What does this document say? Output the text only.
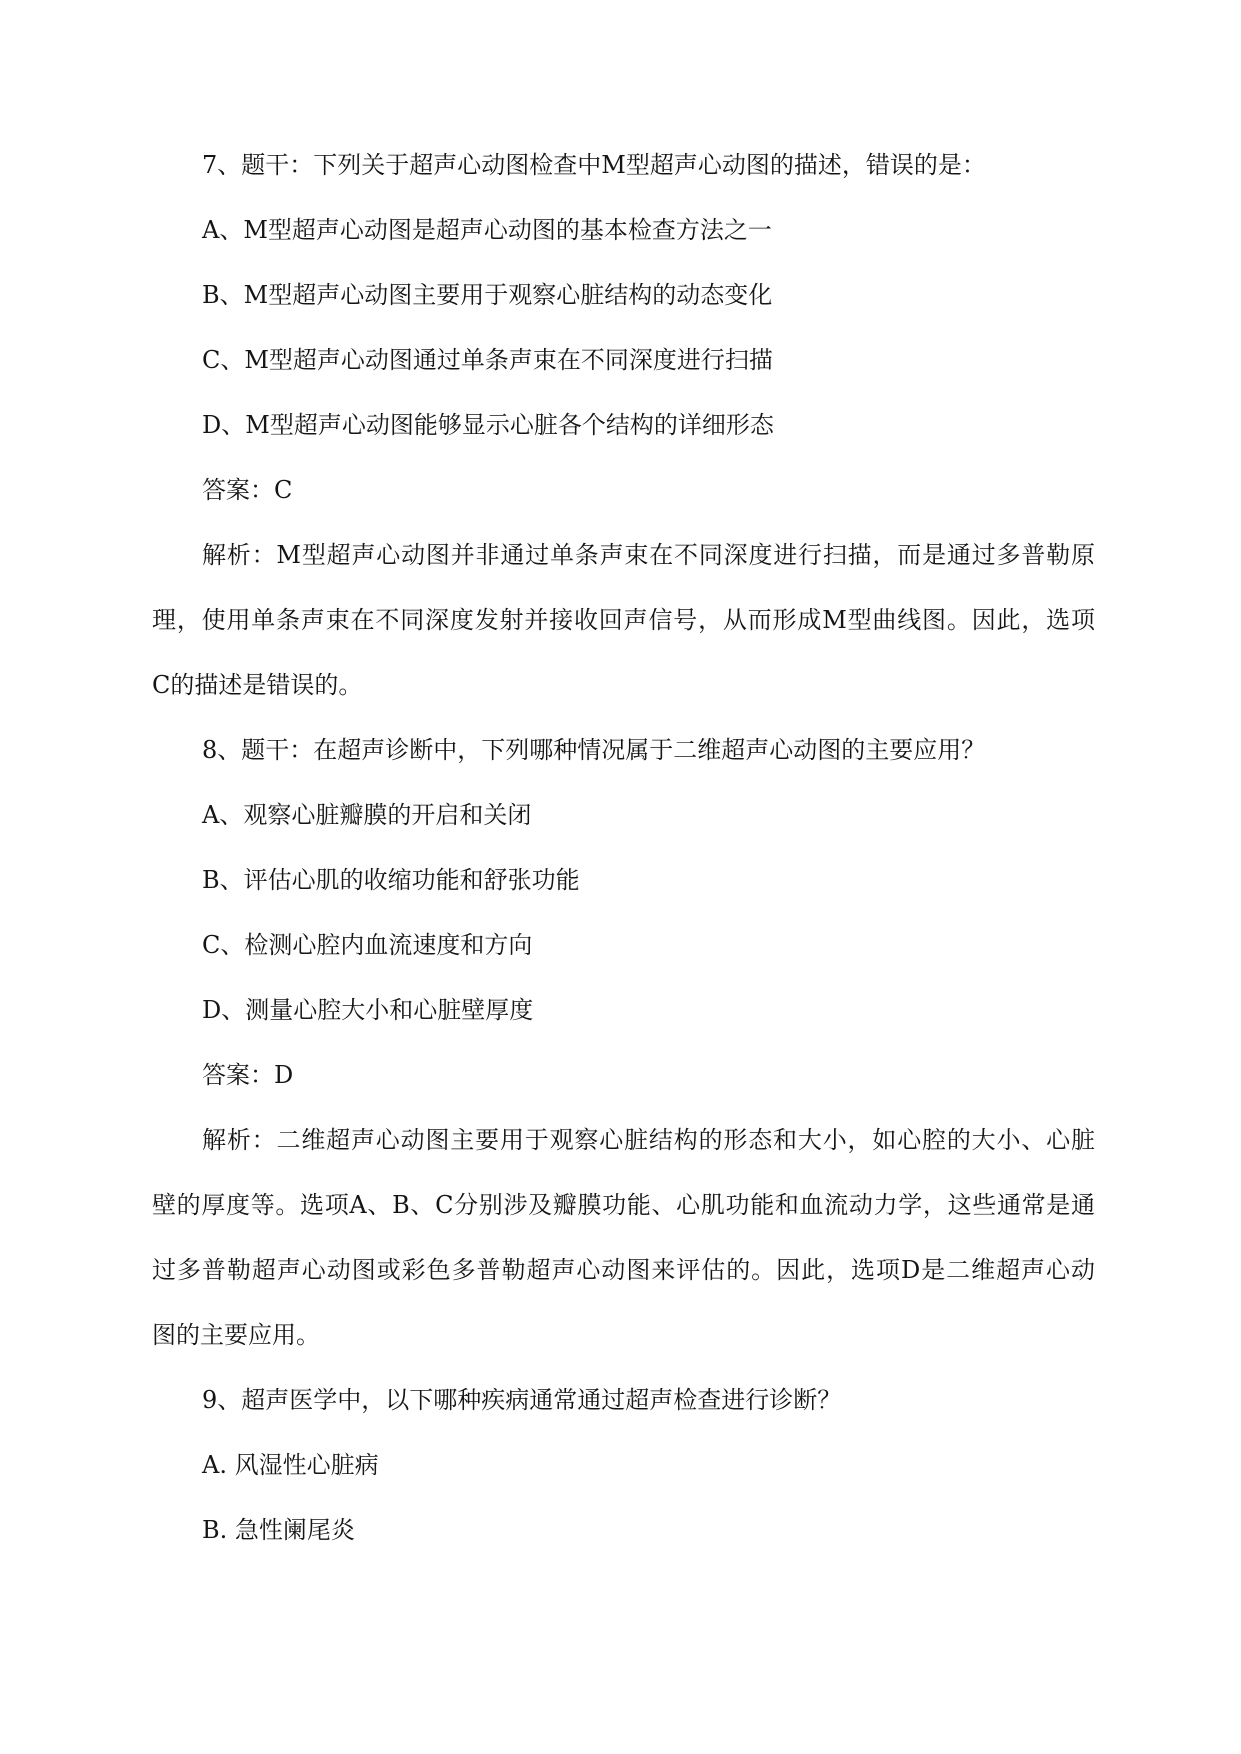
7、题干：下列关于超声心动图检查中M型超声心动图的描述，错误的是：
A、M型超声心动图是超声心动图的基本检查方法之一
B、M型超声心动图主要用于观察心脏结构的动态变化
C、M型超声心动图通过单条声束在不同深度进行扫描
D、M型超声心动图能够显示心脏各个结构的详细形态
答案：C
解析：M型超声心动图并非通过单条声束在不同深度进行扫描，而是通过多普勒原
理，使用单条声束在不同深度发射并接收回声信号，从而形成M型曲线图。因此，选项
C的描述是错误的。
8、题干：在超声诊断中，下列哪种情况属于二维超声心动图的主要应用？
A、观察心脏瓣膜的开启和关闭
B、评估心肌的收缩功能和舒张功能
C、检测心腔内血流速度和方向
D、测量心腔大小和心脏壁厚度
答案：D
解析：二维超声心动图主要用于观察心脏结构的形态和大小，如心腔的大小、心脏
壁的厚度等。选项A、B、C分别涉及瓣膜功能、心肌功能和血流动力学，这些通常是通
过多普勒超声心动图或彩色多普勒超声心动图来评估的。因此，选项D是二维超声心动
图的主要应用。
9、超声医学中，以下哪种疾病通常通过超声检查进行诊断？
A. 风湿性心脏病
B. 急性阑尾炎
